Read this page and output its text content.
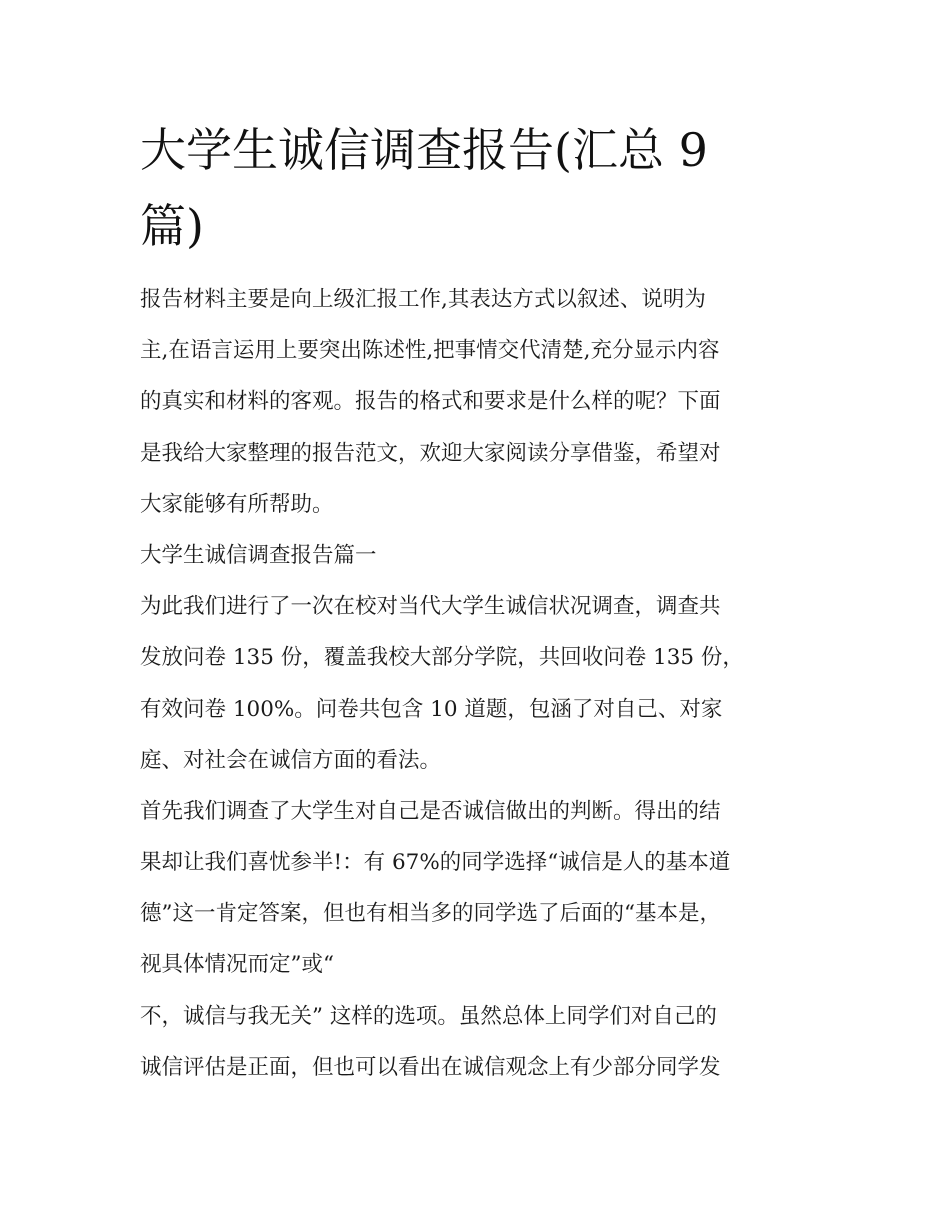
大学生诚信调查报告(汇总 9
篇)

报告材料主要是向上级汇报工作,其表达方式以叙述、说明为

主,在语言运用上要突出陈述性,把事情交代清楚,充分显示内容

的真实和材料的客观。报告的格式和要求是什么样的呢？下面

是我给大家整理的报告范文，欢迎大家阅读分享借鉴，希望对

大家能够有所帮助。

大学生诚信调查报告篇一

为此我们进行了一次在校对当代大学生诚信状况调查，调查共

发放问卷 135 份，覆盖我校大部分学院，共回收问卷 135 份，

有效问卷 100%。问卷共包含 10 道题，包涵了对自己、对家

庭、对社会在诚信方面的看法。

首先我们调查了大学生对自己是否诚信做出的判断。得出的结

果却让我们喜忧参半!：有 67%的同学选择“诚信是人的基本道

德”这一肯定答案，但也有相当多的同学选了后面的“基本是，

视具体情况而定”或“

不，诚信与我无关” 这样的选项。虽然总体上同学们对自己的

诚信评估是正面，但也可以看出在诚信观念上有少部分同学发
